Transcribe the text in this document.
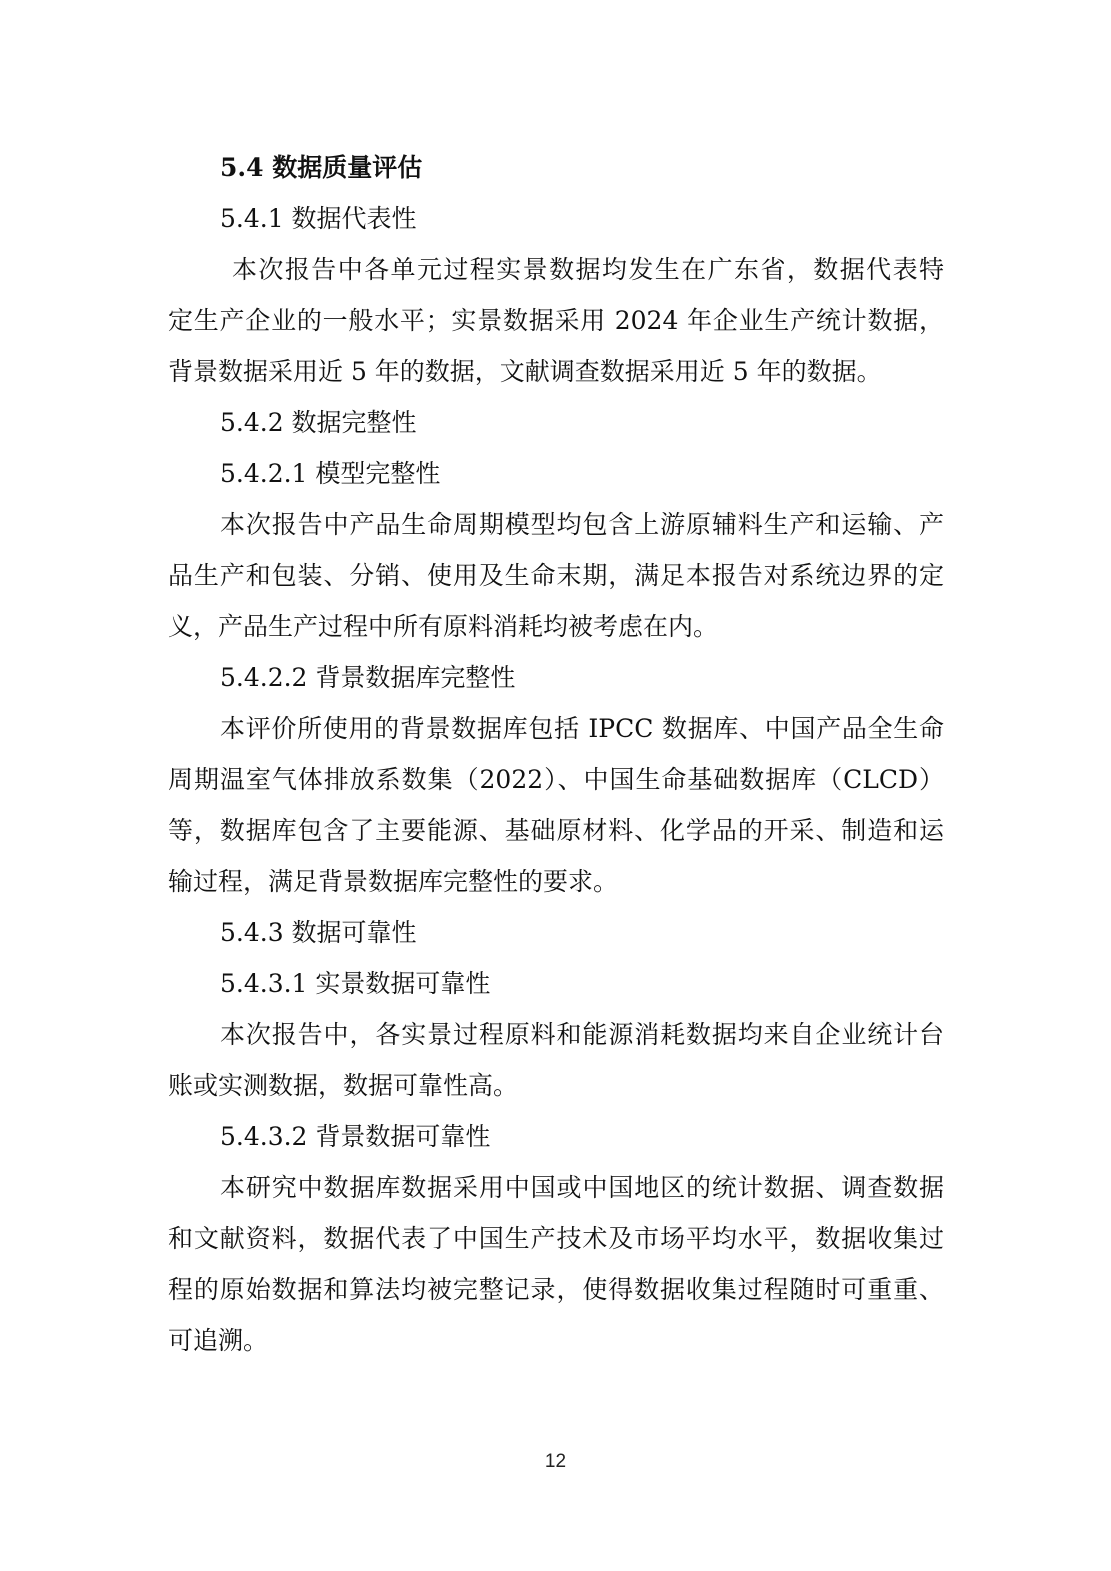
5.4 数据质量评估
5.4.1 数据代表性
本次报告中各单元过程实景数据均发生在广东省，数据代表特
定生产企业的一般水平；实景数据采用 2024 年企业生产统计数据，
背景数据采用近 5 年的数据，文献调查数据采用近 5 年的数据。
5.4.2 数据完整性
5.4.2.1 模型完整性
本次报告中产品生命周期模型均包含上游原辅料生产和运输、产
品生产和包装、分销、使用及生命末期，满足本报告对系统边界的定
义，产品生产过程中所有原料消耗均被考虑在内。
5.4.2.2 背景数据库完整性
本评价所使用的背景数据库包括 IPCC 数据库、中国产品全生命
周期温室气体排放系数集（2022）、中国生命基础数据库（CLCD）
等，数据库包含了主要能源、基础原材料、化学品的开采、制造和运
输过程，满足背景数据库完整性的要求。
5.4.3 数据可靠性
5.4.3.1 实景数据可靠性
本次报告中，各实景过程原料和能源消耗数据均来自企业统计台
账或实测数据，数据可靠性高。
5.4.3.2 背景数据可靠性
本研究中数据库数据采用中国或中国地区的统计数据、调查数据
和文献资料，数据代表了中国生产技术及市场平均水平，数据收集过
程的原始数据和算法均被完整记录，使得数据收集过程随时可重重、
可追溯。
12
